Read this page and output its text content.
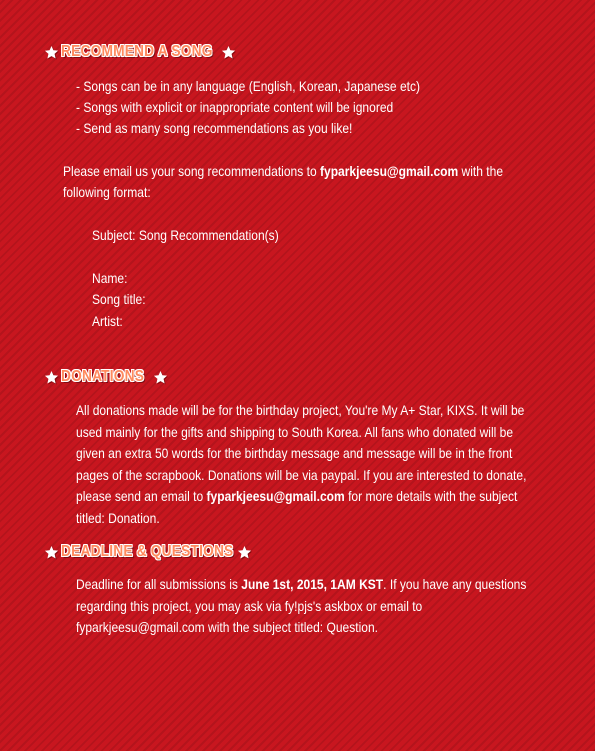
RECOMMEND A SONG
- Songs can be in any language (English, Korean, Japanese etc)
- Songs with explicit or inappropriate content will be ignored
- Send as many song recommendations as you like!
Please email us your song recommendations to fyparkjeesu@gmail.com with the
following format:
Subject: Song Recommendation(s)
Name:
Song title:
Artist:
DONATIONS
All donations made will be for the birthday project, You're My A+ Star, KIXS. It will be used mainly for the gifts and shipping to South Korea. All fans who donated will be given an extra 50 words for the birthday message and message will be in the front pages of the scrapbook. Donations will be via paypal. If you are interested to donate, please send an email to fyparkjeesu@gmail.com for more details with the subject titled: Donation.
DEADLINE & QUESTIONS
Deadline for all submissions is June 1st, 2015, 1AM KST. If you have any questions regarding this project, you may ask via fy!pjs's askbox or email to fyparkjeesu@gmail.com with the subject titled: Question.
